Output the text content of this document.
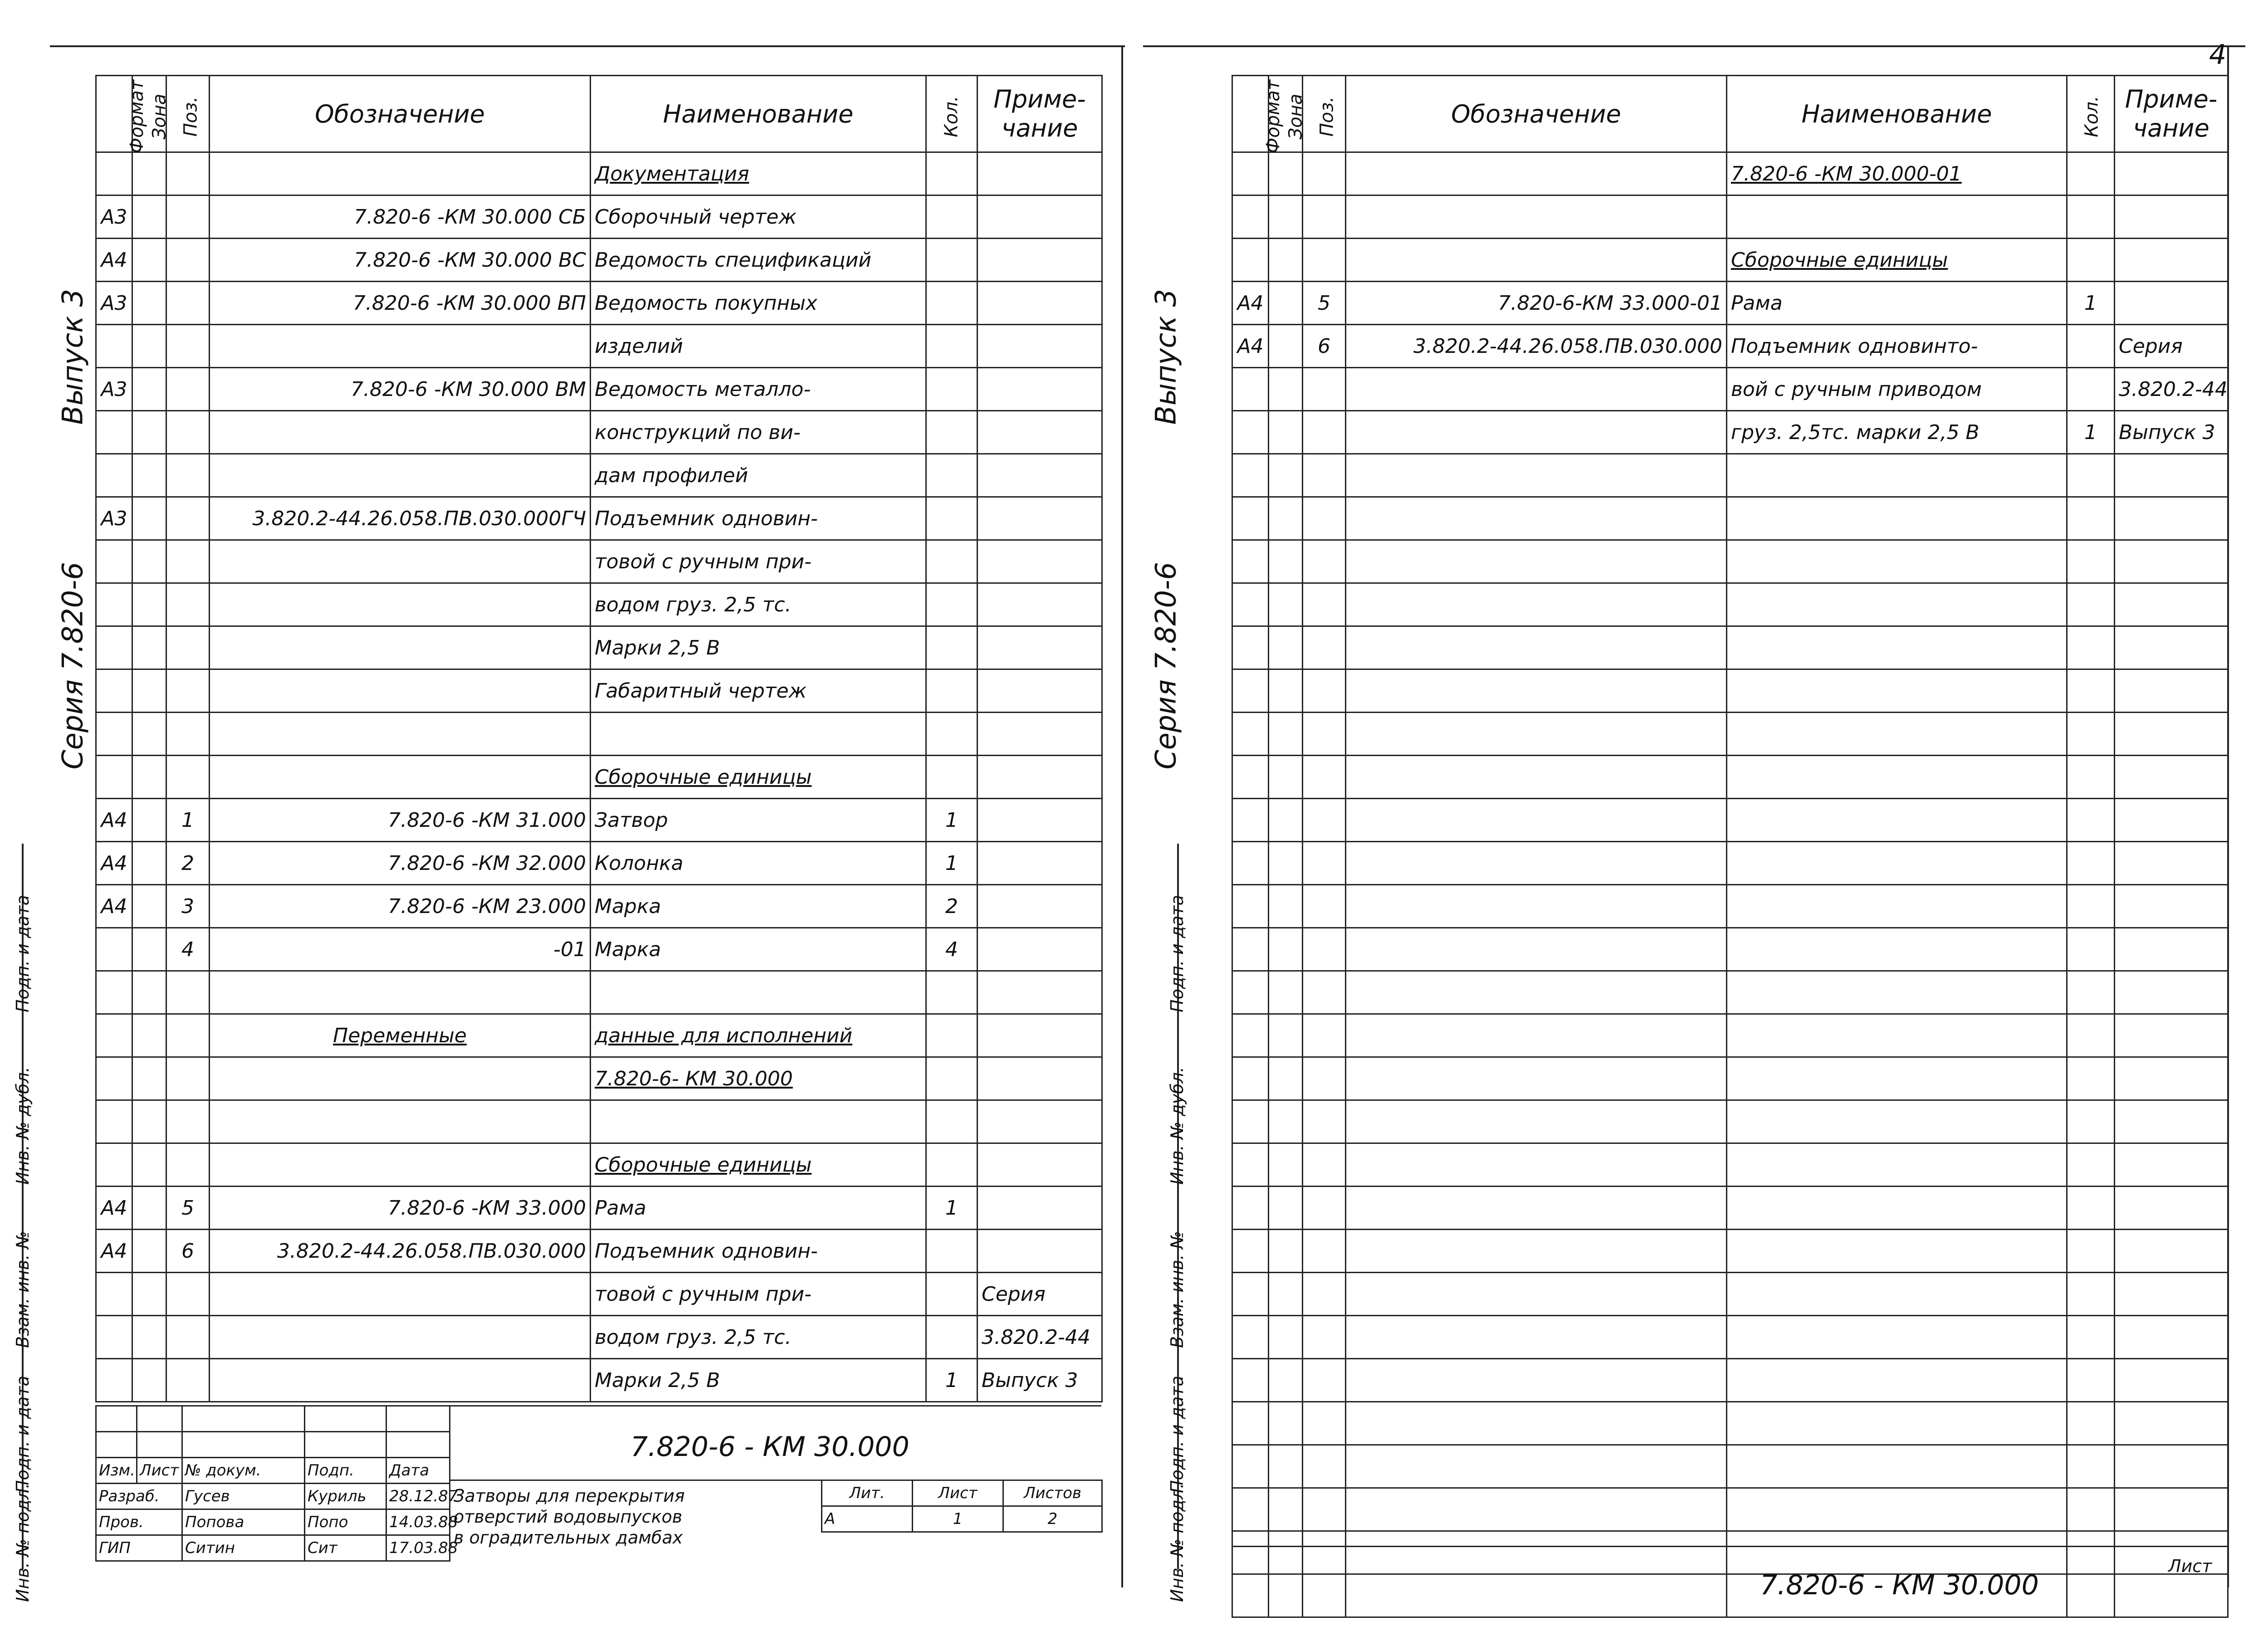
Выпуск 3
Серия 7.820-6
Подп. и дата
Инв. № дубл.
Взам. инв. №
Подп. и дата
Инв. № подл.
Формат	Зона	Поз.	Обозначение	Наименование	Кол.	Приме-
чание
				Документация		
А3			7.820-6 -КМ 30.000 СБ	Сборочный чертеж		
А4			7.820-6 -КМ 30.000 ВС	Ведомость спецификаций		
А3			7.820-6 -КМ 30.000 ВП	Ведомость покупных		
				изделий		
А3			7.820-6 -КМ 30.000 ВМ	Ведомость металло-		
				конструкций по ви-		
				дам профилей		
А3			3.820.2-44.26.058.ПВ.030.000ГЧ	Подъемник одновин-		
				товой с ручным при-		
				водом груз. 2,5 тс.		
				Марки 2,5 В		
				Габаритный чертеж		

				Сборочные единицы		
А4		1	7.820-6 -КМ 31.000	Затвор	1	
А4		2	7.820-6 -КМ 32.000	Колонка	1	
А4		3	7.820-6 -КМ 23.000	Марка	2	
		4	-01	Марка	4	

			Переменные	данные для исполнений		
				7.820-6- КМ 30.000		

				Сборочные единицы		
А4		5	7.820-6 -КМ 33.000	Рама	1	
А4		6	3.820.2-44.26.058.ПВ.030.000	Подъемник одновин-		
				товой с ручным при-		Серия
				водом груз. 2,5 тс.		3.820.2-44
				Марки 2,5 В	1	Выпуск 3

Изм.	Лист	№ докум.	Подп.	Дата
Разраб.		Гусев	Куриль	28.12.87
Пров.		Попова	Попо	14.03.88
ГИП		Ситин	Сит	17.03.88
7.820-6 - КМ 30.000
Затворы для перекрытия
отверстий водовыпусков
в оградительных дамбах
Лит.	Лист	Листов
А	1	2
4
Выпуск 3
Серия 7.820-6
Подп. и дата
Инв. № дубл.
Взам. инв. №
Подп. и дата
Инв. № подл.
Формат	Зона	Поз.	Обозначение	Наименование	Кол.	Приме-
чание
				7.820-6 -КМ 30.000-01		

				Сборочные единицы		
А4		5	7.820-6-КМ 33.000-01	Рама	1	
А4		6	3.820.2-44.26.058.ПВ.030.000	Подъемник одновинто-		Серия
				вой с ручным приводом		3.820.2-44
				груз. 2,5тс. марки 2,5 В	1	Выпуск 3

7.820-6 - КМ 30.000
Лист
